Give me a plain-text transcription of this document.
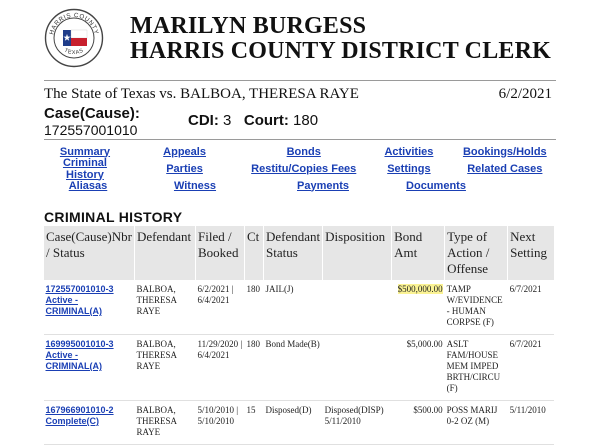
HARRIS COUNTY
TEXAS
MARILYN BURGESS
HARRIS COUNTY DISTRICT CLERK
The State of Texas vs. BALBOA, THERESA RAYE	6/2/2021
Case(Cause):
172557001010
CDI: 3 Court: 180
Summary	Appeals	Bonds	Activities	Bookings/Holds
Criminal History	Parties	Restitu/Copies Fees	Settings	Related Cases
Aliasas	Witness	Payments	Documents
CRIMINAL HISTORY
Case(Cause)Nbr / Status	Defendant	Filed / Booked	Ct	Defendant Status	Disposition	Bond Amt	Type of Action / Offense	Next Setting
172557001010-3 Active - CRIMINAL(A)	BALBOA, THERESA RAYE	6/2/2021 | 6/4/2021	180	JAIL(J)		$500,000.00	TAMP W/EVIDENCE - HUMAN CORPSE (F)	6/7/2021
169995001010-3 Active - CRIMINAL(A)	BALBOA, THERESA RAYE	11/29/2020 | 6/4/2021	180	Bond Made(B)		$5,000.00	ASLT FAM/HOUSE MEM IMPED BRTH/CIRCU (F)	6/7/2021
167966901010-2 Complete(C)	BALBOA, THERESA RAYE	5/10/2010 | 5/10/2010	15	Disposed(D)	Disposed(DISP) 5/11/2010	$500.00	POSS MARIJ 0-2 OZ (M)	5/11/2010
